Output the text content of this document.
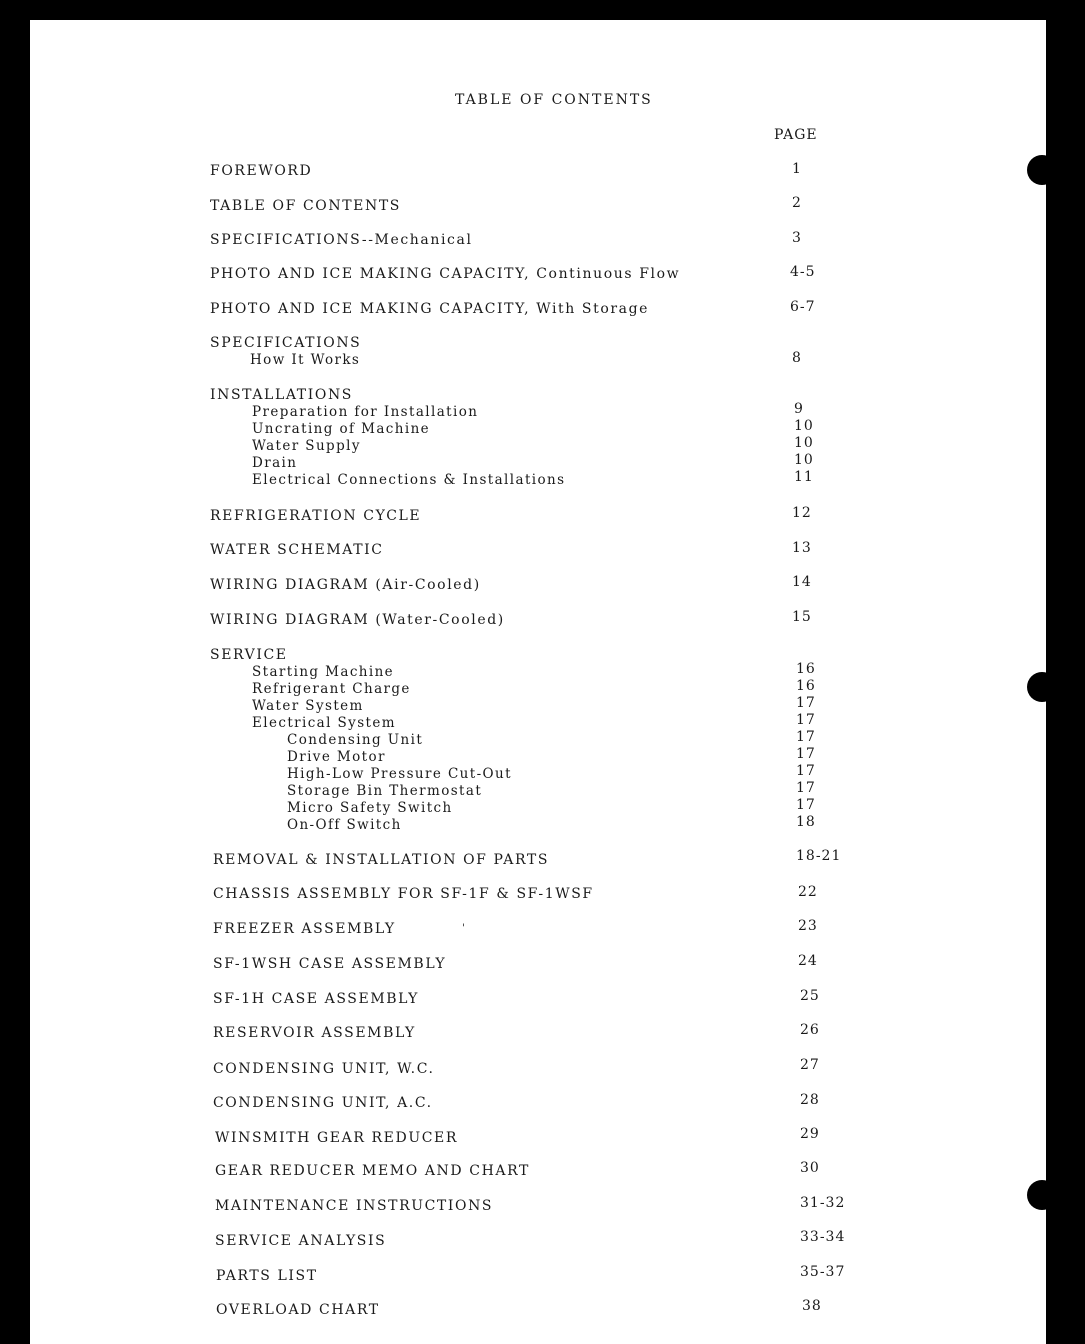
TABLE OF CONTENTS
PAGE
FOREWORD	1
TABLE OF CONTENTS	2
SPECIFICATIONS--Mechanical	3
PHOTO AND ICE MAKING CAPACITY, Continuous Flow	4-5
PHOTO AND ICE MAKING CAPACITY, With Storage	6-7
SPECIFICATIONS
How It Works	8
INSTALLATIONS
Preparation for Installation	9
Uncrating of Machine	10
Water Supply	10
Drain	10
Electrical Connections & Installations	11
REFRIGERATION CYCLE	12
WATER SCHEMATIC	13
WIRING DIAGRAM (Air-Cooled)	14
WIRING DIAGRAM (Water-Cooled)	15
SERVICE
Starting Machine	16
Refrigerant Charge	16
Water System	17
Electrical System	17
Condensing Unit	17
Drive Motor	17
High-Low Pressure Cut-Out	17
Storage Bin Thermostat	17
Micro Safety Switch	17
On-Off Switch	18
REMOVAL & INSTALLATION OF PARTS	18-21
CHASSIS ASSEMBLY FOR SF-1F & SF-1WSF	22
FREEZER ASSEMBLY	'	23
SF-1WSH CASE ASSEMBLY	24
SF-1H CASE ASSEMBLY	25
RESERVOIR ASSEMBLY	26
CONDENSING UNIT, W.C.	27
CONDENSING UNIT, A.C.	28
WINSMITH GEAR REDUCER	29
GEAR REDUCER MEMO AND CHART	30
MAINTENANCE INSTRUCTIONS	31-32
SERVICE ANALYSIS	33-34
PARTS LIST	35-37
OVERLOAD CHART	38
